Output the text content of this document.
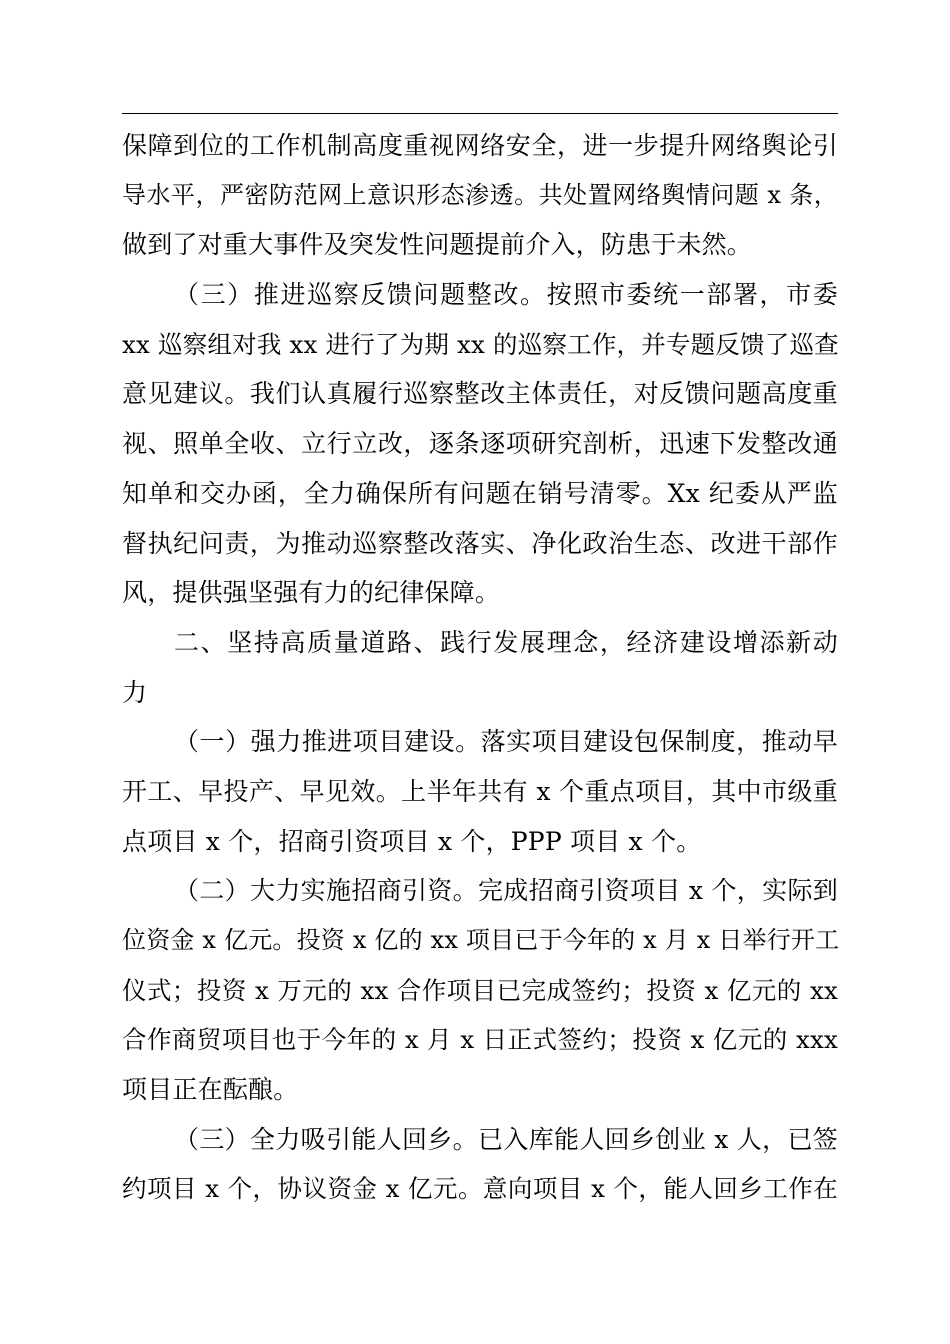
保障到位的工作机制高度重视网络安全，进一步提升网络舆论引
导水平，严密防范网上意识形态渗透。共处置网络舆情问题 x 条，
做到了对重大事件及突发性问题提前介入，防患于未然。
（三）推进巡察反馈问题整改。按照市委统一部署，市委
xx 巡察组对我 xx 进行了为期 xx 的巡察工作，并专题反馈了巡查
意见建议。我们认真履行巡察整改主体责任，对反馈问题高度重
视、照单全收、立行立改，逐条逐项研究剖析，迅速下发整改通
知单和交办函，全力确保所有问题在销号清零。Xx 纪委从严监
督执纪问责，为推动巡察整改落实、净化政治生态、改进干部作
风，提供强坚强有力的纪律保障。
二、坚持高质量道路、践行发展理念，经济建设增添新动
力
（一）强力推进项目建设。落实项目建设包保制度，推动早
开工、早投产、早见效。上半年共有 x 个重点项目，其中市级重
点项目 x 个，招商引资项目 x 个，PPP 项目 x 个。
（二）大力实施招商引资。完成招商引资项目 x 个，实际到
位资金 x 亿元。投资 x 亿的 xx 项目已于今年的 x 月 x 日举行开工
仪式；投资 x 万元的 xx 合作项目已完成签约；投资 x 亿元的 xx
合作商贸项目也于今年的 x 月 x 日正式签约；投资 x 亿元的 xxx
项目正在酝酿。
（三）全力吸引能人回乡。已入库能人回乡创业 x 人，已签
约项目 x 个，协议资金 x 亿元。意向项目 x 个，能人回乡工作在
